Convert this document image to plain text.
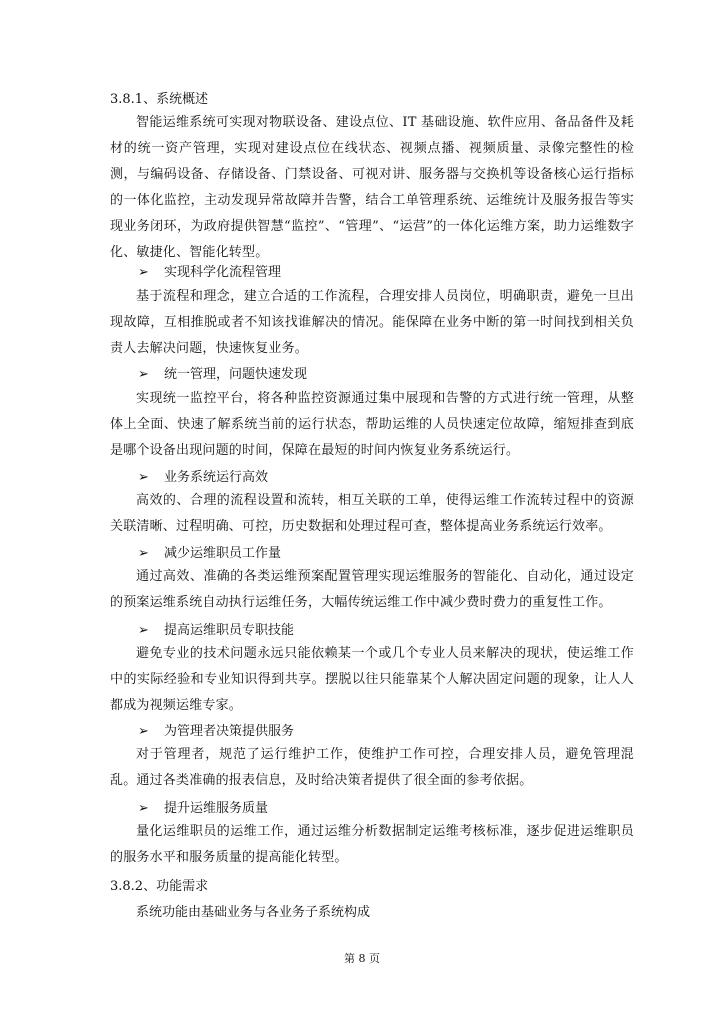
3.8.1、系统概述
智能运维系统可实现对物联设备、建设点位、IT 基础设施、软件应用、备品备件及耗材的统一资产管理，实现对建设点位在线状态、视频点播、视频质量、录像完整性的检测，与编码设备、存储设备、门禁设备、可视对讲、服务器与交换机等设备核心运行指标的一体化监控，主动发现异常故障并告警，结合工单管理系统、运维统计及服务报告等实现业务闭环，为政府提供智慧“监控”、“管理”、“运营”的一体化运维方案，助力运维数字化、敏捷化、智能化转型。
➢ 实现科学化流程管理
基于流程和理念，建立合适的工作流程，合理安排人员岗位，明确职责，避免一旦出现故障，互相推脱或者不知该找谁解决的情况。能保障在业务中断的第一时间找到相关负责人去解决问题，快速恢复业务。
➢ 统一管理，问题快速发现
实现统一监控平台，将各种监控资源通过集中展现和告警的方式进行统一管理，从整体上全面、快速了解系统当前的运行状态，帮助运维的人员快速定位故障，缩短排查到底是哪个设备出现问题的时间，保障在最短的时间内恢复业务系统运行。
➢ 业务系统运行高效
高效的、合理的流程设置和流转，相互关联的工单，使得运维工作流转过程中的资源关联清晰、过程明确、可控，历史数据和处理过程可查，整体提高业务系统运行效率。
➢ 减少运维职员工作量
通过高效、准确的各类运维预案配置管理实现运维服务的智能化、自动化，通过设定的预案运维系统自动执行运维任务，大幅传统运维工作中减少费时费力的重复性工作。
➢ 提高运维职员专职技能
避免专业的技术问题永远只能依赖某一个或几个专业人员来解决的现状，使运维工作中的实际经验和专业知识得到共享。摆脱以往只能靠某个人解决固定问题的现象，让人人都成为视频运维专家。
➢ 为管理者决策提供服务
对于管理者，规范了运行维护工作，使维护工作可控，合理安排人员，避免管理混乱。通过各类准确的报表信息，及时给决策者提供了很全面的参考依据。
➢ 提升运维服务质量
量化运维职员的运维工作，通过运维分析数据制定运维考核标准，逐步促进运维职员的服务水平和服务质量的提高能化转型。
3.8.2、功能需求
系统功能由基础业务与各业务子系统构成
第 8 页
